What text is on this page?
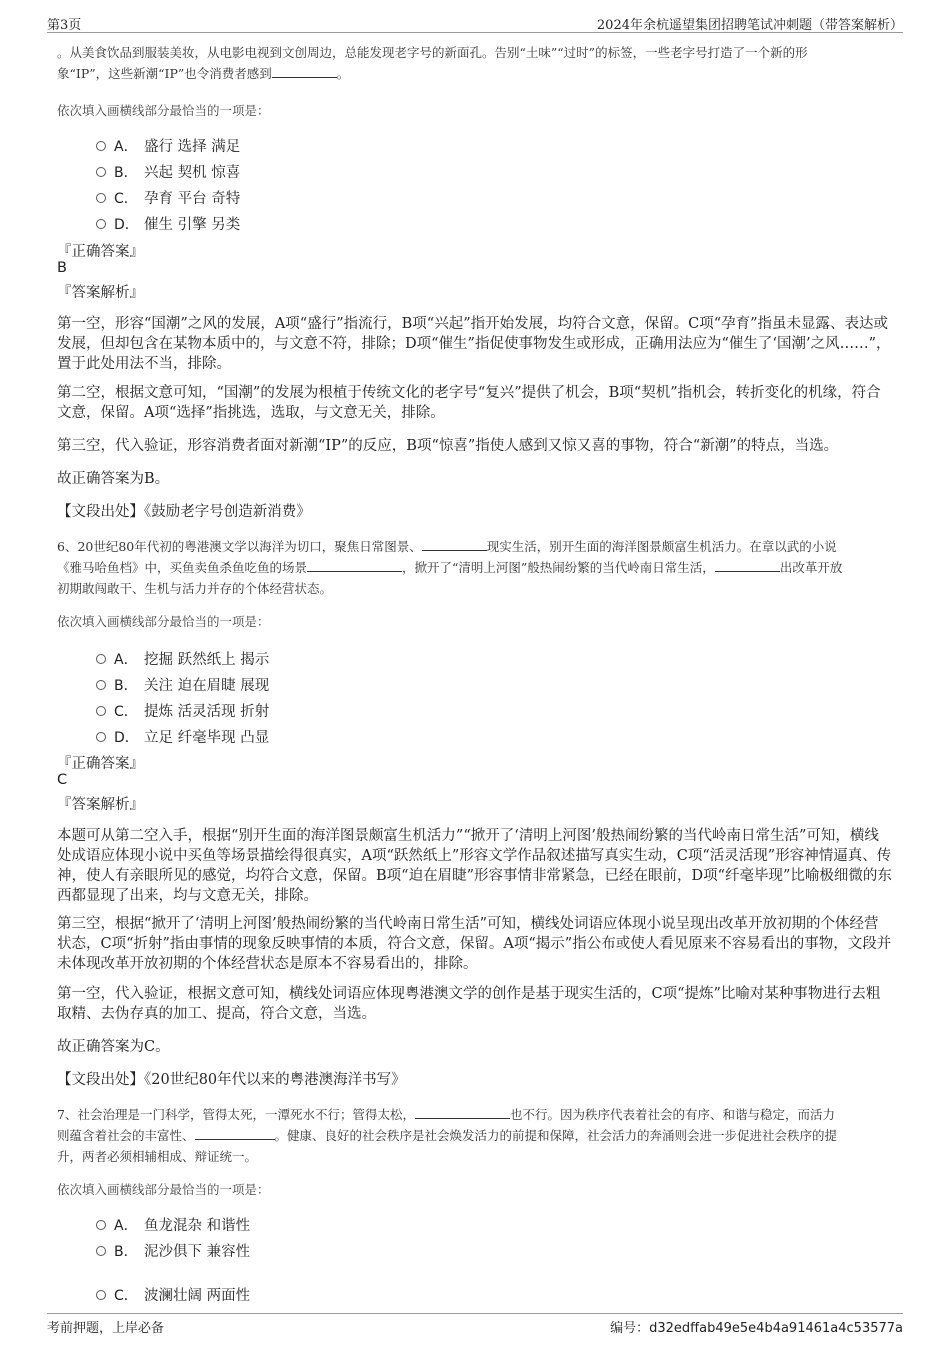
第3页	2024年余杭遥望集团招聘笔试冲刺题（带答案解析）
。从美食饮品到服装美妆，从电影电视到文创周边，总能发现老字号的新面孔。告别“土味”“过时”的标签，一些老字号打造了一个新的形
象“IP”，这些新潮“IP”也令消费者感到	。
依次填入画横线部分最恰当的一项是：
A． 盛行 选择 满足
B． 兴起 契机 惊喜
C． 孕育 平台 奇特
D． 催生 引擎 另类
『正确答案』
B
『答案解析』
第一空，形容“国潮”之风的发展，A项“盛行”指流行，B项“兴起”指开始发展，均符合文意，保留。C项“孕育”指虽未显露、表达或发展，但却包含在某物本质中的，与文意不符，排除；D项“催生”指促使事物发生或形成，正确用法应为“催生了‘国潮’之风……”，置于此处用法不当，排除。
第二空，根据文意可知，“国潮”的发展为根植于传统文化的老字号“复兴”提供了机会，B项“契机”指机会，转折变化的机缘，符合文意，保留。A项“选择”指挑选，选取，与文意无关，排除。
第三空，代入验证，形容消费者面对新潮“IP”的反应，B项“惊喜”指使人感到又惊又喜的事物，符合“新潮”的特点，当选。
故正确答案为B。
【文段出处】《鼓励老字号创造新消费》
6、20世纪80年代初的粤港澳文学以海洋为切口，聚焦日常图景、	现实生活，别开生面的海洋图景颇富生机活力。在章以武的小说
《雅马哈鱼档》中，买鱼卖鱼杀鱼吃鱼的场景	，掀开了“清明上河图”般热闹纷繁的当代岭南日常生活，	出改革开放
初期敢闯敢干、生机与活力并存的个体经营状态。
依次填入画横线部分最恰当的一项是：
A． 挖掘 跃然纸上 揭示
B． 关注 迫在眉睫 展现
C． 提炼 活灵活现 折射
D． 立足 纤毫毕现 凸显
『正确答案』
C
『答案解析』
本题可从第二空入手，根据“别开生面的海洋图景颇富生机活力”“掀开了‘清明上河图’般热闹纷繁的当代岭南日常生活”可知，横线处成语应体现小说中买鱼等场景描绘得很真实，A项“跃然纸上”形容文学作品叙述描写真实生动，C项“活灵活现”形容神情逼真、传神，使人有亲眼所见的感觉，均符合文意，保留。B项“迫在眉睫”形容事情非常紧急，已经在眼前，D项“纤毫毕现”比喻极细微的东西都显现了出来，均与文意无关，排除。
第三空，根据“掀开了‘清明上河图’般热闹纷繁的当代岭南日常生活”可知，横线处词语应体现小说呈现出改革开放初期的个体经营状态，C项“折射”指由事情的现象反映事情的本质，符合文意，保留。A项“揭示”指公布或使人看见原来不容易看出的事物，文段并未体现改革开放初期的个体经营状态是原本不容易看出的，排除。
第一空，代入验证，根据文意可知，横线处词语应体现粤港澳文学的创作是基于现实生活的，C项“提炼”比喻对某种事物进行去粗取精、去伪存真的加工、提高，符合文意，当选。
故正确答案为C。
【文段出处】《20世纪80年代以来的粤港澳海洋书写》
7、社会治理是一门科学，管得太死，一潭死水不行；管得太松，	也不行。因为秩序代表着社会的有序、和谐与稳定，而活力
则蕴含着社会的丰富性、	。健康、良好的社会秩序是社会焕发活力的前提和保障，社会活力的奔涌则会进一步促进社会秩序的提
升，两者必须相辅相成、辩证统一。
依次填入画横线部分最恰当的一项是：
A． 鱼龙混杂 和谐性
B． 泥沙俱下 兼容性
C． 波澜壮阔 两面性
考前押题，上岸必备	编号：d32edffab49e5e4b4a91461a4c53577a
